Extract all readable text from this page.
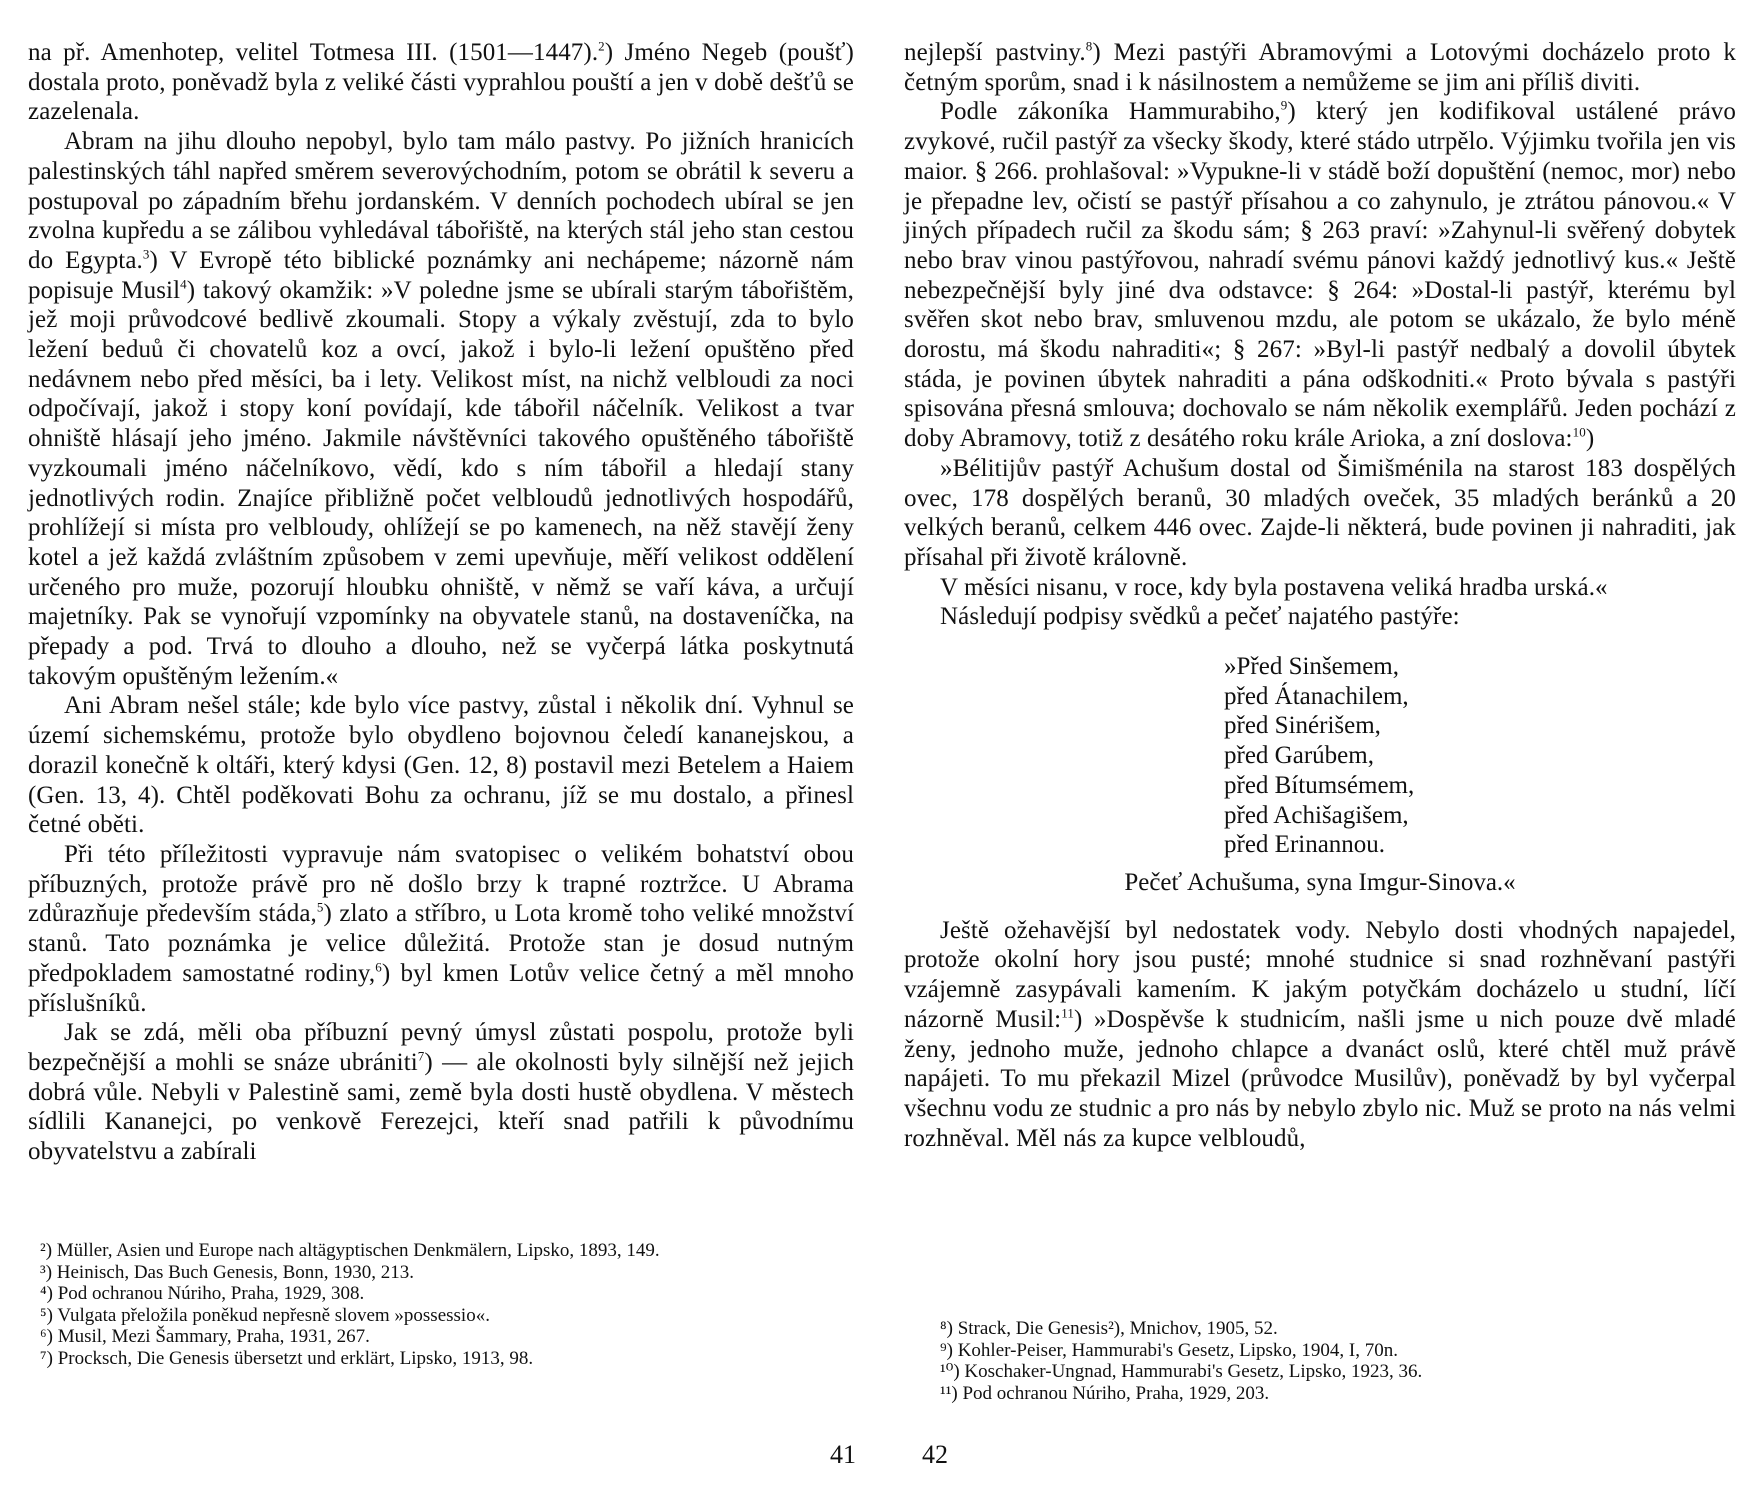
na př. Amenhotep, velitel Totmesa III. (1501—1447).$^2$) Jméno Negeb (poušť) dostala proto, poněvadž byla z veliké části vyprahlou pouští a jen v době dešťů se zazelenala.

Abram na jihu dlouho nepobyl, bylo tam málo pastvy. Po jižních hranicích palestinských táhl napřed směrem severovýchodním, potom se obrátil k severu a postupoval po západním břehu jordanském. V denních pochodech ubíral se jen zvolna kupředu a se zálibou vyhledával tábořiště, na kterých stál jeho stan cestou do Egypta.$^3$) V Evropě této biblické poznámky ani nechápeme; názorně nám popisuje Musil$^4$) takový okamžik: »V poledne jsme se ubírali starým tábořištěm, jež moji průvodcové bedlivě zkoumali. Stopy a výkaly zvěstují, zda to bylo ležení beduů či chovatelů koz a ovcí, jakož i bylo-li ležení opuštěno před nedávnem nebo před měsíci, ba i lety. Velikost míst, na nichž velbloudi za noci odpočívají, jakož i stopy koní povídají, kde tábořil náčelník. Velikost a tvar ohniště hlásají jeho jméno. Jakmile návštěvníci takového opuštěného tábořiště vyzkoumali jméno náčelníkovo, vědí, kdo s ním tábořil a hledají stany jednotlivých rodin. Znajíce přibližně počet velbloudů jednotlivých hospodářů, prohlížejí si místa pro velbloudy, ohlížejí se po kamenech, na něž stavějí ženy kotel a jež každá zvláštním způsobem v zemi upevňuje, měří velikost oddělení určeného pro muže, pozorují hloubku ohniště, v němž se vaří káva, a určují majetníky. Pak se vynořují vzpomínky na obyvatele stanů, na dostaveníčka, na přepady a pod. Trvá to dlouho a dlouho, než se vyčerpá látka poskytnutá takovým opuštěným ležením.«

Ani Abram nešel stále; kde bylo více pastvy, zůstal i několik dní. Vyhnul se území sichemskému, protože bylo obydleno bojovnou čeledí kananejskou, a dorazil konečně k oltáři, který kdysi (Gen. 12, 8) postavil mezi Betelem a Haiem (Gen. 13, 4). Chtěl poděkovati Bohu za ochranu, jíž se mu dostalo, a přinesl četné oběti.

Při této příležitosti vypravuje nám svatopisec o velikém bohatství obou příbuzných, protože právě pro ně došlo brzy k trapné roztržce. U Abrama zdůrazňuje především stáda,$^5$) zlato a stříbro, u Lota kromě toho veliké množství stanů. Tato poznámka je velice důležitá. Protože stan je dosud nutným předpokladem samostatné rodiny,$^6$) byl kmen Lotův velice četný a měl mnoho příslušníků.

Jak se zdá, měli oba příbuzní pevný úmysl zůstati pospolu, protože byli bezpečnější a mohli se snáze ubrániti$^7$) — ale okolnosti byly silnější než jejich dobrá vůle. Nebyli v Palestině sami, země byla dosti hustě obydlena. V městech sídlili Kananejci, po venkově Ferezejci, kteří snad patřili k původnímu obyvatelstvu a zabírali

²) Müller, Asien und Europe nach altägyptischen Denkmälern, Lipsko, 1893, 149.
³) Heinisch, Das Buch Genesis, Bonn, 1930, 213.
⁴) Pod ochranou Núriho, Praha, 1929, 308.
⁵) Vulgata přeložila poněkud nepřesně slovem »possessio«.
⁶) Musil, Mezi Šammary, Praha, 1931, 267.
⁷) Procksch, Die Genesis übersetzt und erklärt, Lipsko, 1913, 98.
41

nejlepší pastviny.$^8$) Mezi pastýři Abramovými a Lotovými docházelo proto k četným sporům, snad i k násilnostem a nemůžeme se jim ani příliš diviti.

Podle zákoníka Hammurabiho,$^9$) který jen kodifikoval ustálené právo zvykové, ručil pastýř za všecky škody, které stádo utrpělo. Výjimku tvořila jen vis maior. § 266. prohlašoval: »Vypukne-li v stádě boží dopuštění (nemoc, mor) nebo je přepadne lev, očistí se pastýř přísahou a co zahynulo, je ztrátou pánovou.« V jiných případech ručil za škodu sám; § 263 praví: »Zahynul-li svěřený dobytek nebo brav vinou pastýřovou, nahradí svému pánovi každý jednotlivý kus.« Ještě nebezpečnější byly jiné dva odstavce: § 264: »Dostal-li pastýř, kterému byl svěřen skot nebo brav, smluvenou mzdu, ale potom se ukázalo, že bylo méně dorostu, má škodu nahraditi«; § 267: »Byl-li pastýř nedbalý a dovolil úbytek stáda, je povinen úbytek nahraditi a pána odškodniti.« Proto bývala s pastýři spisována přesná smlouva; dochovalo se nám několik exemplářů. Jeden pochází z doby Abramovy, totiž z desátého roku krále Arioka, a zní doslova:$^{10}$)

»Bélitijův pastýř Achušum dostal od Šimišménila na starost 183 dospělých ovec, 178 dospělých beranů, 30 mladých oveček, 35 mladých beránků a 20 velkých beranů, celkem 446 ovec. Zajde-li některá, bude povinen ji nahraditi, jak přísahal při životě královně.

V měsíci nisanu, v roce, kdy byla postavena veliká hradba urská.«

Následují podpisy svědků a pečeť najatého pastýře:

»Před Sinšemem,
před Átanachilem,
před Sinérišem,
před Garúbem,
před Bítumsémem,
před Achišagišem,
před Erinannou.
Pečeť Achušuma, syna Imgur-Sinova.«

Ještě ožehavější byl nedostatek vody. Nebylo dosti vhodných napajedel, protože okolní hory jsou pusté; mnohé studnice si snad rozhněvaní pastýři vzájemně zasypávali kamením. K jakým potyčkám docházelo u studní, líčí názorně Musil:$^{11}$) »Dospěvše k studnicím, našli jsme u nich pouze dvě mladé ženy, jednoho muže, jednoho chlapce a dvanáct oslů, které chtěl muž právě napájeti. To mu překazil Mizel (průvodce Musilův), poněvadž by byl vyčerpal všechnu vodu ze studnic a pro nás by nebylo zbylo nic. Muž se proto na nás velmi rozhněval. Měl nás za kupce velbloudů,

⁸) Strack, Die Genesis²), Mnichov, 1905, 52.
⁹) Kohler-Peiser, Hammurabi's Gesetz, Lipsko, 1904, I, 70n.
¹⁰) Koschaker-Ungnad, Hammurabi's Gesetz, Lipsko, 1923, 36.
¹¹) Pod ochranou Núriho, Praha, 1929, 203.
42
